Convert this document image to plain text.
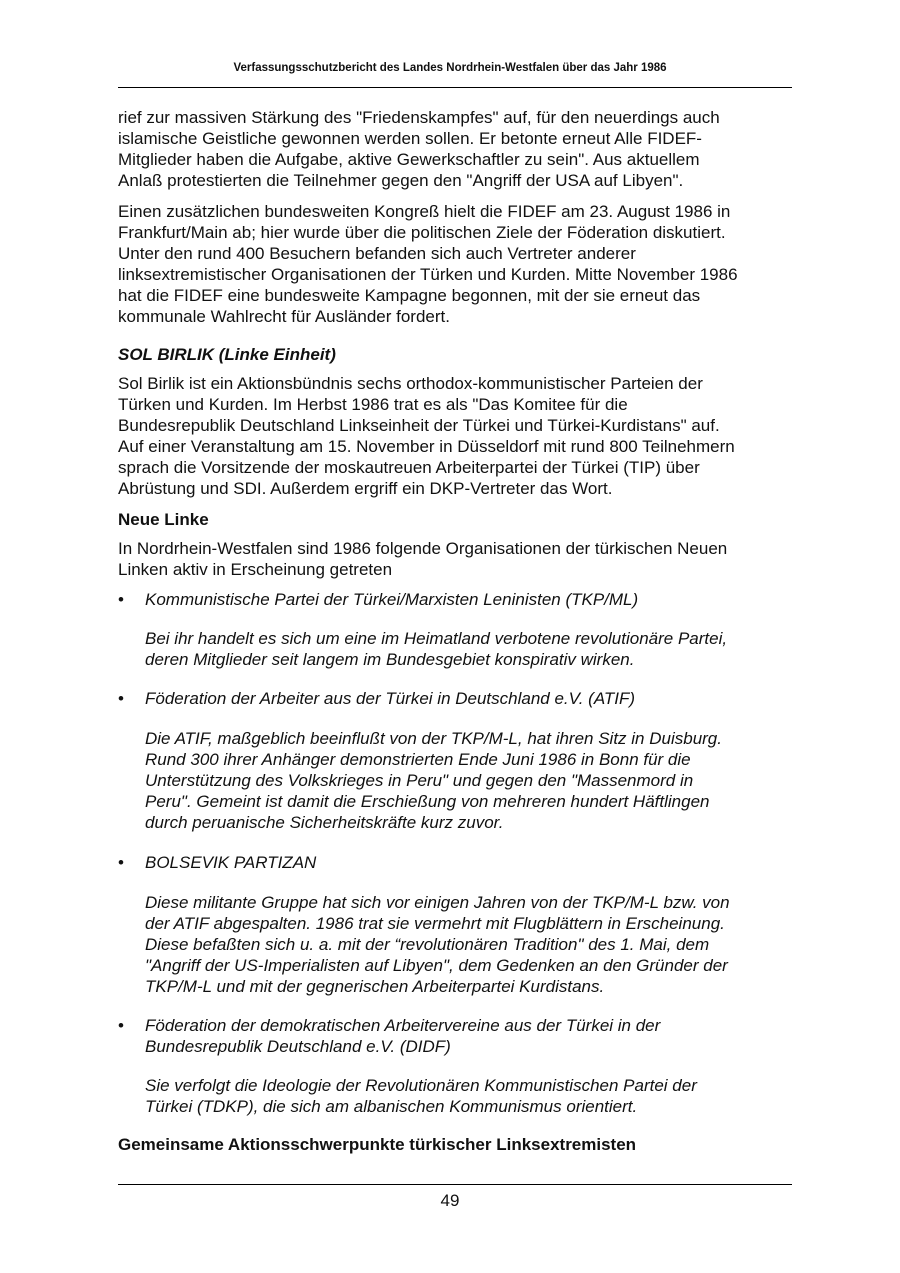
Verfassungsschutzbericht des Landes Nordrhein-Westfalen über das Jahr 1986
rief zur massiven Stärkung des "Friedenskampfes" auf, für den neuerdings auch
islamische Geistliche gewonnen werden sollen. Er betonte erneut Alle FIDEF-
Mitglieder haben die Aufgabe, aktive Gewerkschaftler zu sein". Aus aktuellem
Anlaß protestierten die Teilnehmer gegen den "Angriff der USA auf Libyen".
Einen zusätzlichen bundesweiten Kongreß hielt die FIDEF am 23. August 1986 in
Frankfurt/Main ab; hier wurde über die politischen Ziele der Föderation diskutiert.
Unter den rund 400 Besuchern befanden sich auch Vertreter anderer
linksextremistischer Organisationen der Türken und Kurden. Mitte November 1986
hat die FIDEF eine bundesweite Kampagne begonnen, mit der sie erneut das
kommunale Wahlrecht für Ausländer fordert.
SOL BIRLIK (Linke Einheit)
Sol Birlik ist ein Aktionsbündnis sechs orthodox-kommunistischer Parteien der
Türken und Kurden. Im Herbst 1986 trat es als "Das Komitee für die
Bundesrepublik Deutschland Linkseinheit der Türkei und Türkei-Kurdistans" auf.
Auf einer Veranstaltung am 15. November in Düsseldorf mit rund 800 Teilnehmern
sprach die Vorsitzende der moskautreuen Arbeiterpartei der Türkei (TIP) über
Abrüstung und SDI. Außerdem ergriff ein DKP-Vertreter das Wort.
Neue Linke
In Nordrhein-Westfalen sind 1986 folgende Organisationen der türkischen Neuen
Linken aktiv in Erscheinung getreten
• Kommunistische Partei der Türkei/Marxisten Leninisten (TKP/ML)
Bei ihr handelt es sich um eine im Heimatland verbotene revolutionäre Partei,
deren Mitglieder seit langem im Bundesgebiet konspirativ wirken.
• Föderation der Arbeiter aus der Türkei in Deutschland e.V. (ATIF)
Die ATIF, maßgeblich beeinflußt von der TKP/M-L, hat ihren Sitz in Duisburg.
Rund 300 ihrer Anhänger demonstrierten Ende Juni 1986 in Bonn für die
Unterstützung des Volkskrieges in Peru" und gegen den "Massenmord in
Peru". Gemeint ist damit die Erschießung von mehreren hundert Häftlingen
durch peruanische Sicherheitskräfte kurz zuvor.
• BOLSEVIK PARTIZAN
Diese militante Gruppe hat sich vor einigen Jahren von der TKP/M-L bzw. von
der ATIF abgespalten. 1986 trat sie vermehrt mit Flugblättern in Erscheinung.
Diese befaßten sich u. a. mit der “revolutionären Tradition" des 1. Mai, dem
"Angriff der US-Imperialisten auf Libyen", dem Gedenken an den Gründer der
TKP/M-L und mit der gegnerischen Arbeiterpartei Kurdistans.
• Föderation der demokratischen Arbeitervereine aus der Türkei in der
Bundesrepublik Deutschland e.V. (DIDF)
Sie verfolgt die Ideologie der Revolutionären Kommunistischen Partei der
Türkei (TDKP), die sich am albanischen Kommunismus orientiert.
Gemeinsame Aktionsschwerpunkte türkischer Linksextremisten
49
